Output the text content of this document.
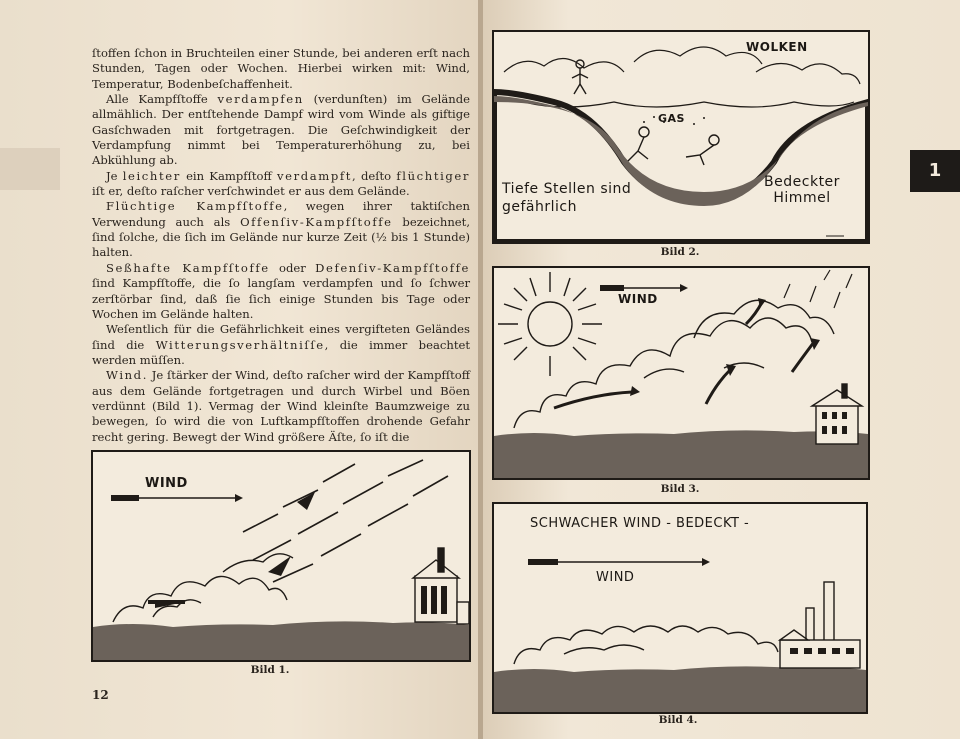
1

ſtoffen ſchon in Bruchteilen einer Stunde, bei anderen erſt nach Stunden, Tagen oder Wochen. Hierbei wirken mit: Wind, Temperatur, Bodenbeſchaffenheit.

Alle Kampfſtoffe verdampfen (verdunſten) im Gelände allmählich. Der entſtehende Dampf wird vom Winde als giftige Gasſchwaden mit fortgetragen. Die Geſchwindigkeit der Verdampfung nimmt bei Temperaturerhöhung zu, bei Abkühlung ab.

Je leichter ein Kampfſtoff verdampft, deſto flüchtiger iſt er, deſto raſcher verſchwindet er aus dem Gelände.

Flüchtige Kampfſtoffe, wegen ihrer taktiſchen Verwendung auch als Offenſiv-Kampfſtoffe bezeichnet, ſind ſolche, die ſich im Gelände nur kurze Zeit (½ bis 1 Stunde) halten.

Seßhafte Kampfſtoffe oder Defenſiv-Kampfſtoffe ſind Kampfſtoffe, die ſo langſam verdampfen und ſo ſchwer zerſtörbar ſind, daß ſie ſich einige Stunden bis Tage oder Wochen im Gelände halten.

Weſentlich für die Gefährlichkeit eines vergifteten Geländes ſind die Witterungsverhältniſſe, die immer beachtet werden müſſen.

Wind. Je ſtärker der Wind, deſto raſcher wird der Kampfſtoff aus dem Gelände fortgetragen und durch Wirbel und Böen verdünnt (Bild 1). Vermag der Wind kleinſte Baumzweige zu bewegen, ſo wird die von Luftkampfſtoffen drohende Gefahr recht gering. Bewegt der Wind größere Äſte, ſo iſt die

WIND
Bild 1.
12
WOLKEN
GAS
Tiefe Stellen sind gefährlich
Bedeckter Himmel
Bild 2.
WIND
Bild 3.
SCHWACHER WIND - BEDECKT -
WIND
Bild 4.
